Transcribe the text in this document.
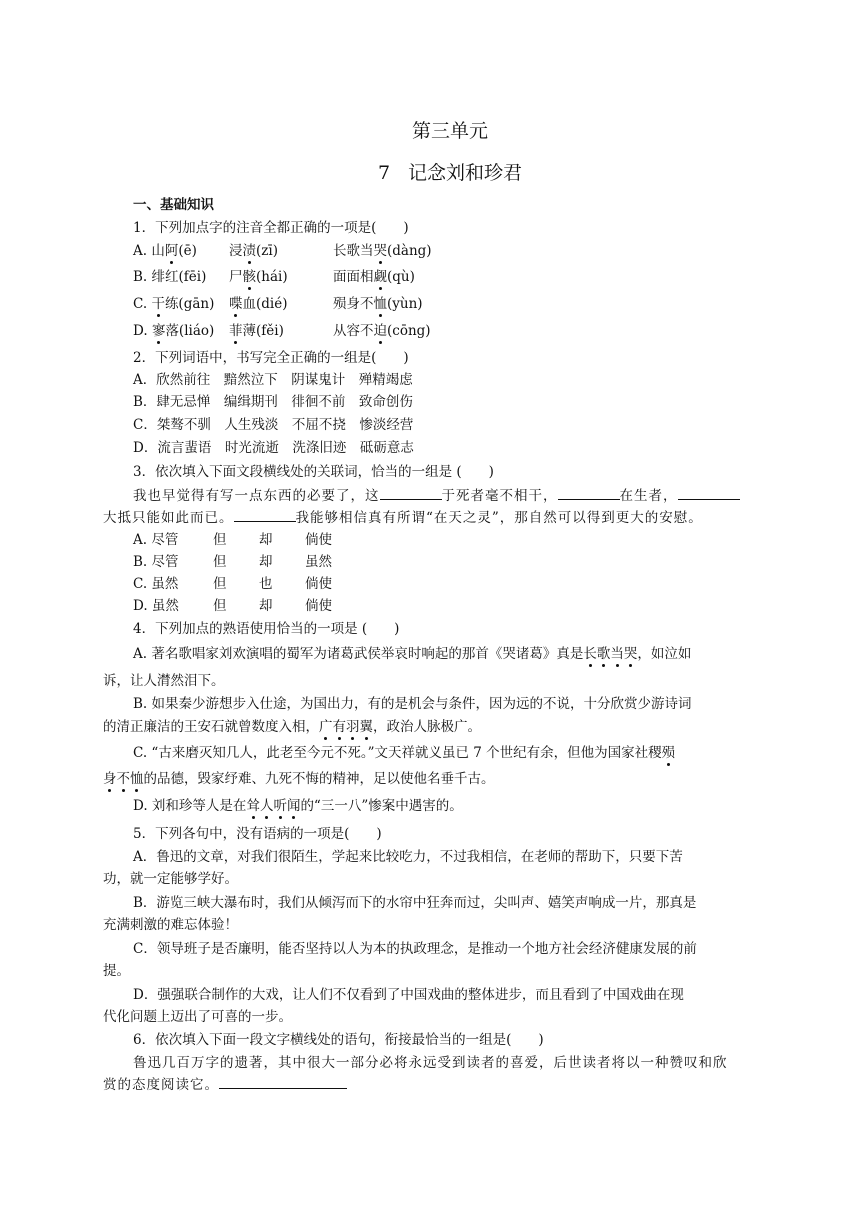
第三单元
7 记念刘和珍君
一、基础知识
1．下列加点字的注音全都正确的一项是(　　)
A. 山阿(ē) 浸渍(zī)	长歌当哭(dàng)
B. 绯红(fēi) 尸骸(hái)	面面相觑(qù)
C. 干练(gān) 喋血(dié)	殒身不恤(yùn)
D. 寥落(liáo) 菲薄(fěi)	从容不迫(cōng)
2．下列词语中，书写完全正确的一组是(　　)
A．欣然前往　黯然泣下　阴谋鬼计　殚精竭虑
B．肆无忌惮　编缉期刊　徘徊不前　致命创伤
C．桀骜不驯　人生残淡　不屈不挠　惨淡经营
D．流言蜚语　时光流逝　洗涤旧迹　砥砺意志
3．依次填入下面文段横线处的关联词，恰当的一组是 (　　)
我也早觉得有写一点东西的必要了，这	于死者毫不相干，	在生者，
大抵只能如此而已。	我能够相信真有所谓“在天之灵”，那自然可以得到更大的安慰。
A. 尽管	但 却 倘使
B. 尽管	但 却 虽然
C. 虽然	但 也 倘使
D. 虽然	但 却 倘使
4．下列加点的熟语使用恰当的一项是 (　　)
A. 著名歌唱家刘欢演唱的蜀军为诸葛武侯举哀时响起的那首《哭诸葛》真是长歌当哭，如泣如
诉，让人潸然泪下。
B. 如果秦少游想步入仕途，为国出力，有的是机会与条件，因为远的不说，十分欣赏少游诗词
的清正廉洁的王安石就曾数度入相，广有羽翼，政治人脉极广。
C. “古来磨灭知几人，此老至今元不死。”文天祥就义虽已 7 个世纪有余，但他为国家社稷殒
身不恤的品德，毁家纾难、九死不悔的精神，足以使他名垂千古。
D. 刘和珍等人是在耸人听闻的“三一八”惨案中遇害的。
5．下列各句中，没有语病的一项是(　　)
A．鲁迅的文章，对我们很陌生，学起来比较吃力，不过我相信，在老师的帮助下，只要下苦
功，就一定能够学好。
B．游览三峡大瀑布时，我们从倾泻而下的水帘中狂奔而过，尖叫声、嬉笑声响成一片，那真是
充满刺激的难忘体验！
C．领导班子是否廉明，能否坚持以人为本的执政理念，是推动一个地方社会经济健康发展的前
提。
D．强强联合制作的大戏，让人们不仅看到了中国戏曲的整体进步，而且看到了中国戏曲在现
代化问题上迈出了可喜的一步。
6．依次填入下面一段文字横线处的语句，衔接最恰当的一组是(　　)
鲁迅几百万字的遗著，其中很大一部分必将永远受到读者的喜爱，后世读者将以一种赞叹和欣
赏的态度阅读它。
